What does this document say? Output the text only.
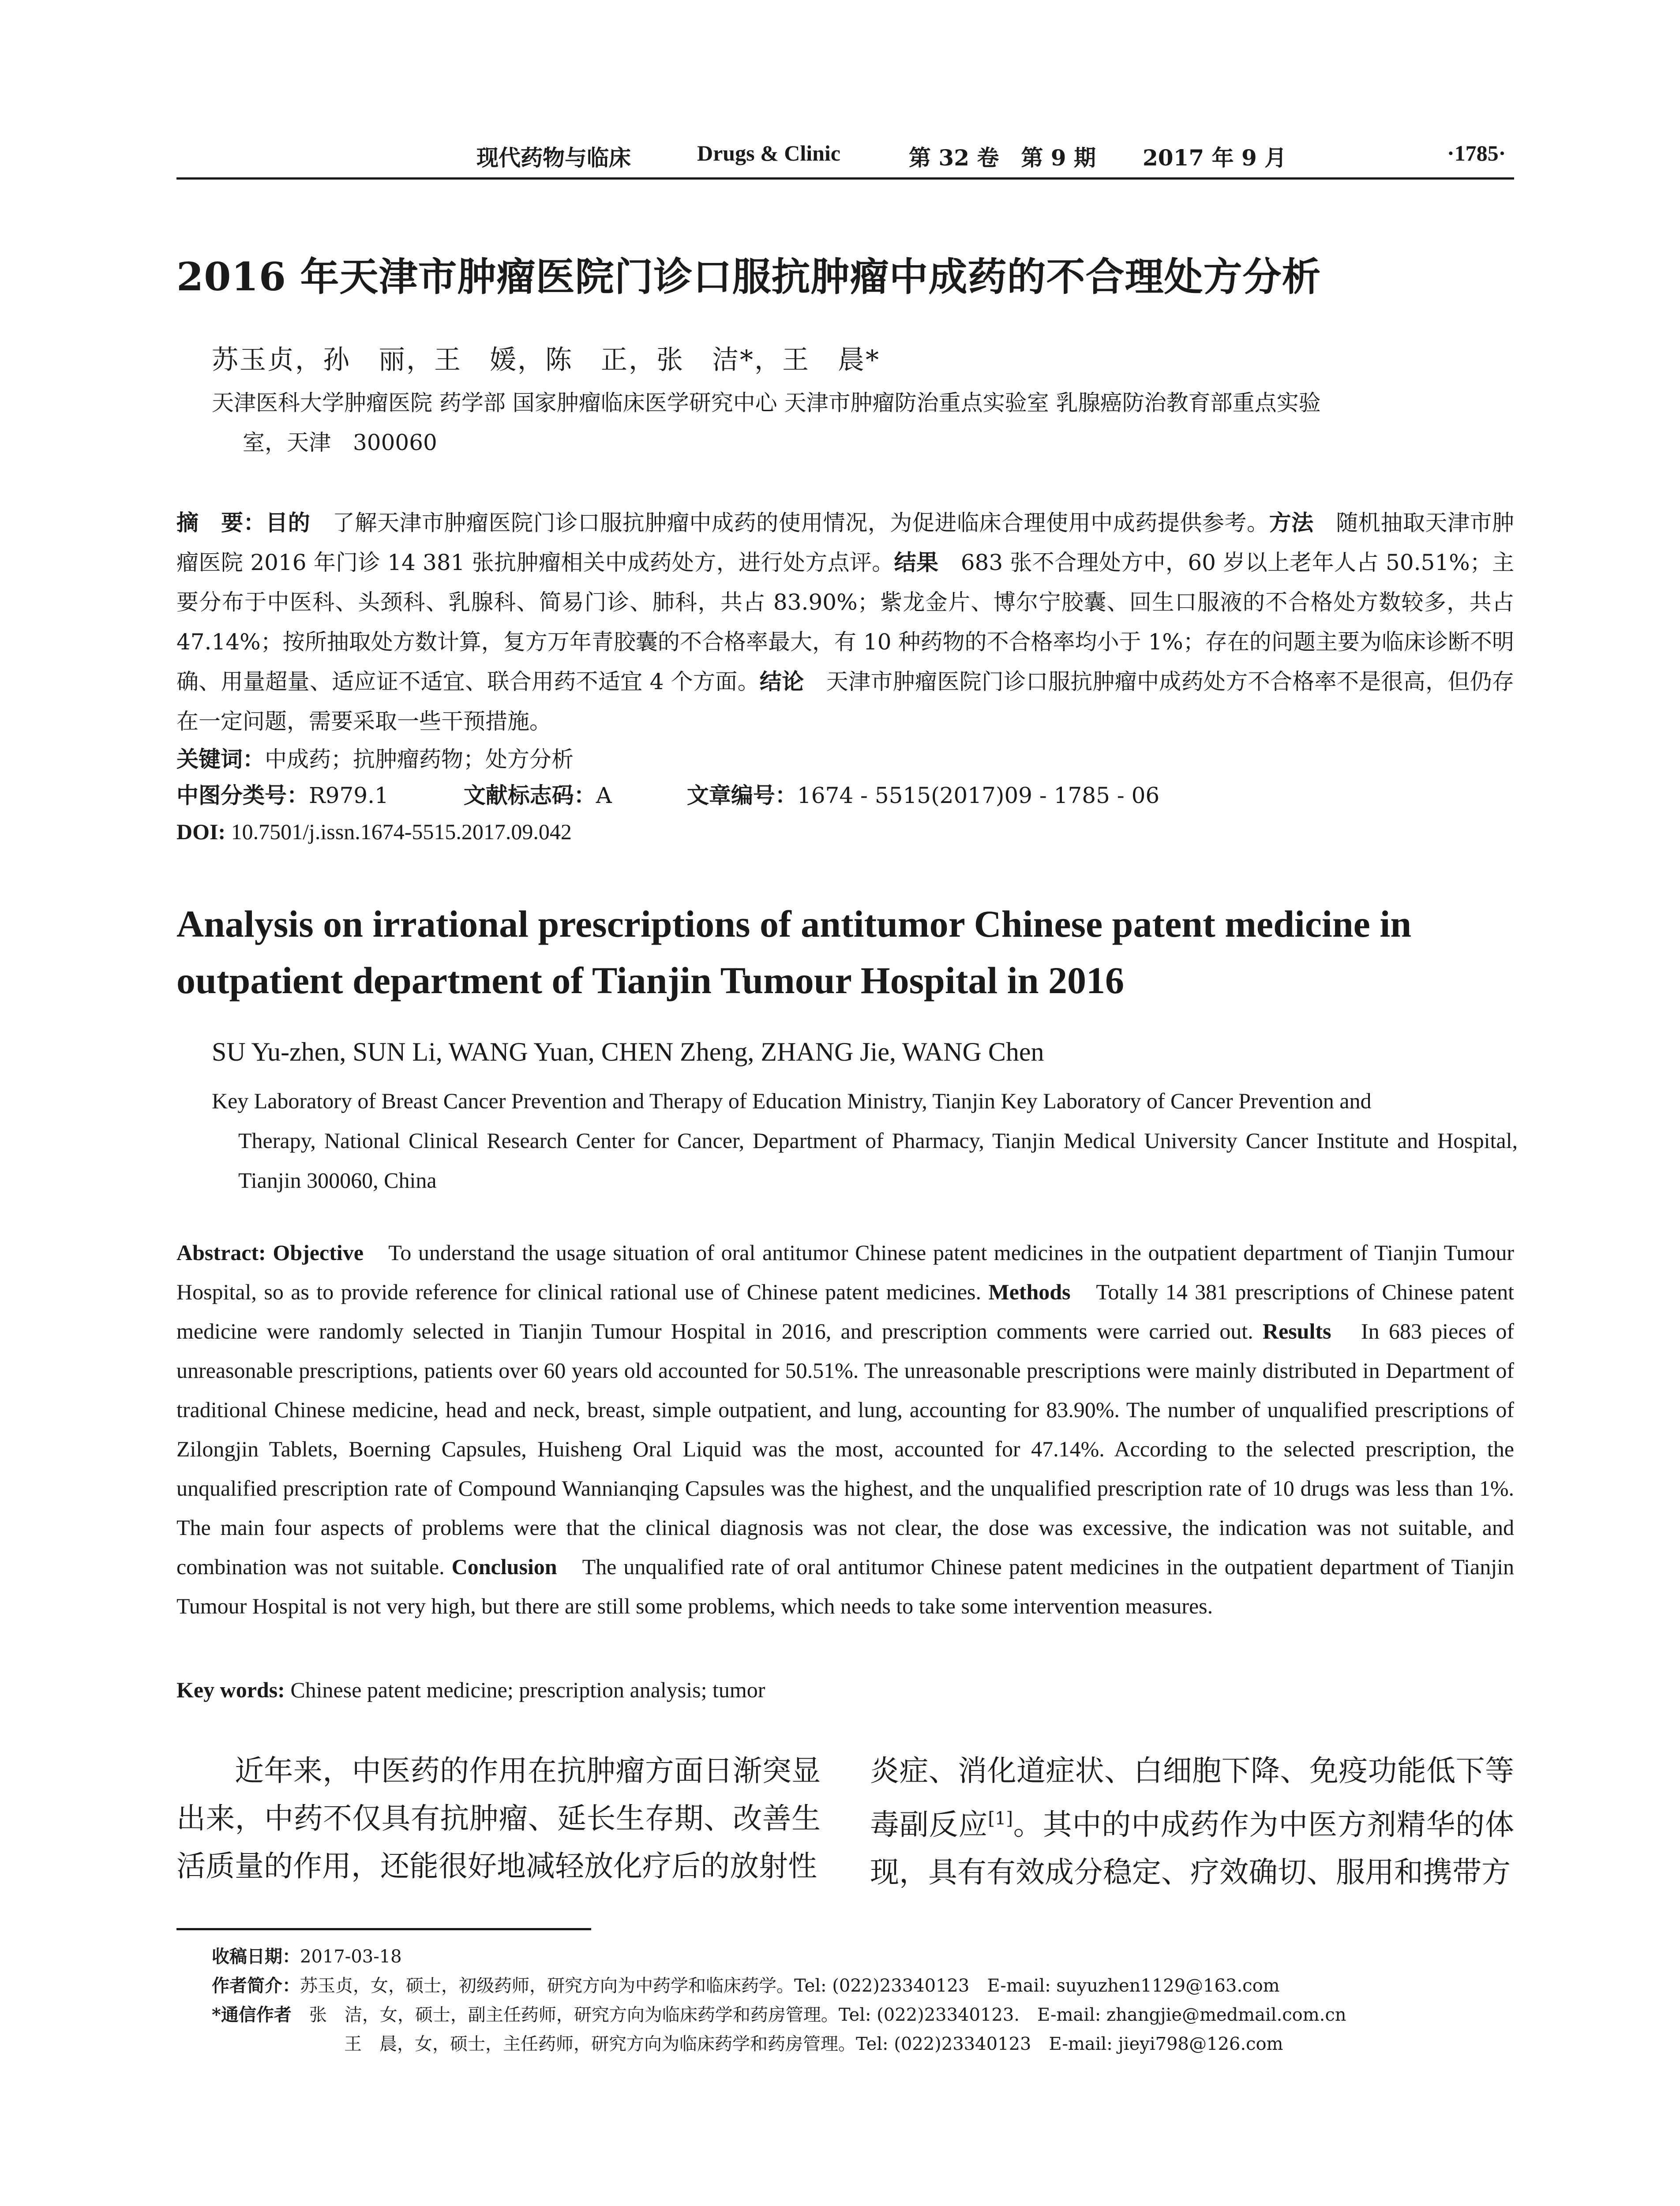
现代药物与临床	Drugs & Clinic	第 32 卷　第 9 期 2017 年 9 月	·1785·
2016 年天津市肿瘤医院门诊口服抗肿瘤中成药的不合理处方分析
苏玉贞，孙　丽，王　媛，陈　正，张　洁*，王　晨*
天津医科大学肿瘤医院 药学部 国家肿瘤临床医学研究中心 天津市肿瘤防治重点实验室 乳腺癌防治教育部重点实验
室，天津　300060
摘　要：目的　了解天津市肿瘤医院门诊口服抗肿瘤中成药的使用情况，为促进临床合理使用中成药提供参考。方法　随机抽取天津市肿瘤医院 2016 年门诊 14 381 张抗肿瘤相关中成药处方，进行处方点评。结果　683 张不合理处方中，60 岁以上老年人占 50.51%；主要分布于中医科、头颈科、乳腺科、简易门诊、肺科，共占 83.90%；紫龙金片、博尔宁胶囊、回生口服液的不合格处方数较多，共占 47.14%；按所抽取处方数计算，复方万年青胶囊的不合格率最大，有 10 种药物的不合格率均小于 1%；存在的问题主要为临床诊断不明确、用量超量、适应证不适宜、联合用药不适宜 4 个方面。结论　天津市肿瘤医院门诊口服抗肿瘤中成药处方不合格率不是很高，但仍存在一定问题，需要采取一些干预措施。
关键词：中成药；抗肿瘤药物；处方分析
中图分类号：R979.1	文献标志码：A	文章编号：1674 - 5515(2017)09 - 1785 - 06
DOI: 10.7501/j.issn.1674-5515.2017.09.042
Analysis on irrational prescriptions of antitumor Chinese patent medicine in outpatient department of Tianjin Tumour Hospital in 2016
SU Yu-zhen, SUN Li, WANG Yuan, CHEN Zheng, ZHANG Jie, WANG Chen
Key Laboratory of Breast Cancer Prevention and Therapy of Education Ministry, Tianjin Key Laboratory of Cancer Prevention and
Therapy, National Clinical Research Center for Cancer, Department of Pharmacy, Tianjin Medical University Cancer Institute and Hospital, Tianjin 300060, China
Abstract: Objective　To understand the usage situation of oral antitumor Chinese patent medicines in the outpatient department of Tianjin Tumour Hospital, so as to provide reference for clinical rational use of Chinese patent medicines. Methods　Totally 14 381 prescriptions of Chinese patent medicine were randomly selected in Tianjin Tumour Hospital in 2016, and prescription comments were carried out. Results　In 683 pieces of unreasonable prescriptions, patients over 60 years old accounted for 50.51%. The unreasonable prescriptions were mainly distributed in Department of traditional Chinese medicine, head and neck, breast, simple outpatient, and lung, accounting for 83.90%. The number of unqualified prescriptions of Zilongjin Tablets, Boerning Capsules, Huisheng Oral Liquid was the most, accounted for 47.14%. According to the selected prescription, the unqualified prescription rate of Compound Wannianqing Capsules was the highest, and the unqualified prescription rate of 10 drugs was less than 1%. The main four aspects of problems were that the clinical diagnosis was not clear, the dose was excessive, the indication was not suitable, and combination was not suitable. Conclusion　The unqualified rate of oral antitumor Chinese patent medicines in the outpatient department of Tianjin Tumour Hospital is not very high, but there are still some problems, which needs to take some intervention measures.
Key words: Chinese patent medicine; prescription analysis; tumor

近年来，中医药的作用在抗肿瘤方面日渐突显出来，中药不仅具有抗肿瘤、延长生存期、改善生活质量的作用，还能很好地减轻放化疗后的放射性

炎症、消化道症状、白细胞下降、免疫功能低下等毒副反应[1]。其中的中成药作为中医方剂精华的体现，具有有效成分稳定、疗效确切、服用和携带方

收稿日期：2017-03-18
作者简介：苏玉贞，女，硕士，初级药师，研究方向为中药学和临床药学。Tel: (022)23340123　E-mail: suyuzhen1129@163.com
*通信作者　张　洁，女，硕士，副主任药师，研究方向为临床药学和药房管理。Tel: (022)23340123.　E-mail: zhangjie@medmail.com.cn
王　晨，女，硕士，主任药师，研究方向为临床药学和药房管理。Tel: (022)23340123　E-mail: jieyi798@126.com
